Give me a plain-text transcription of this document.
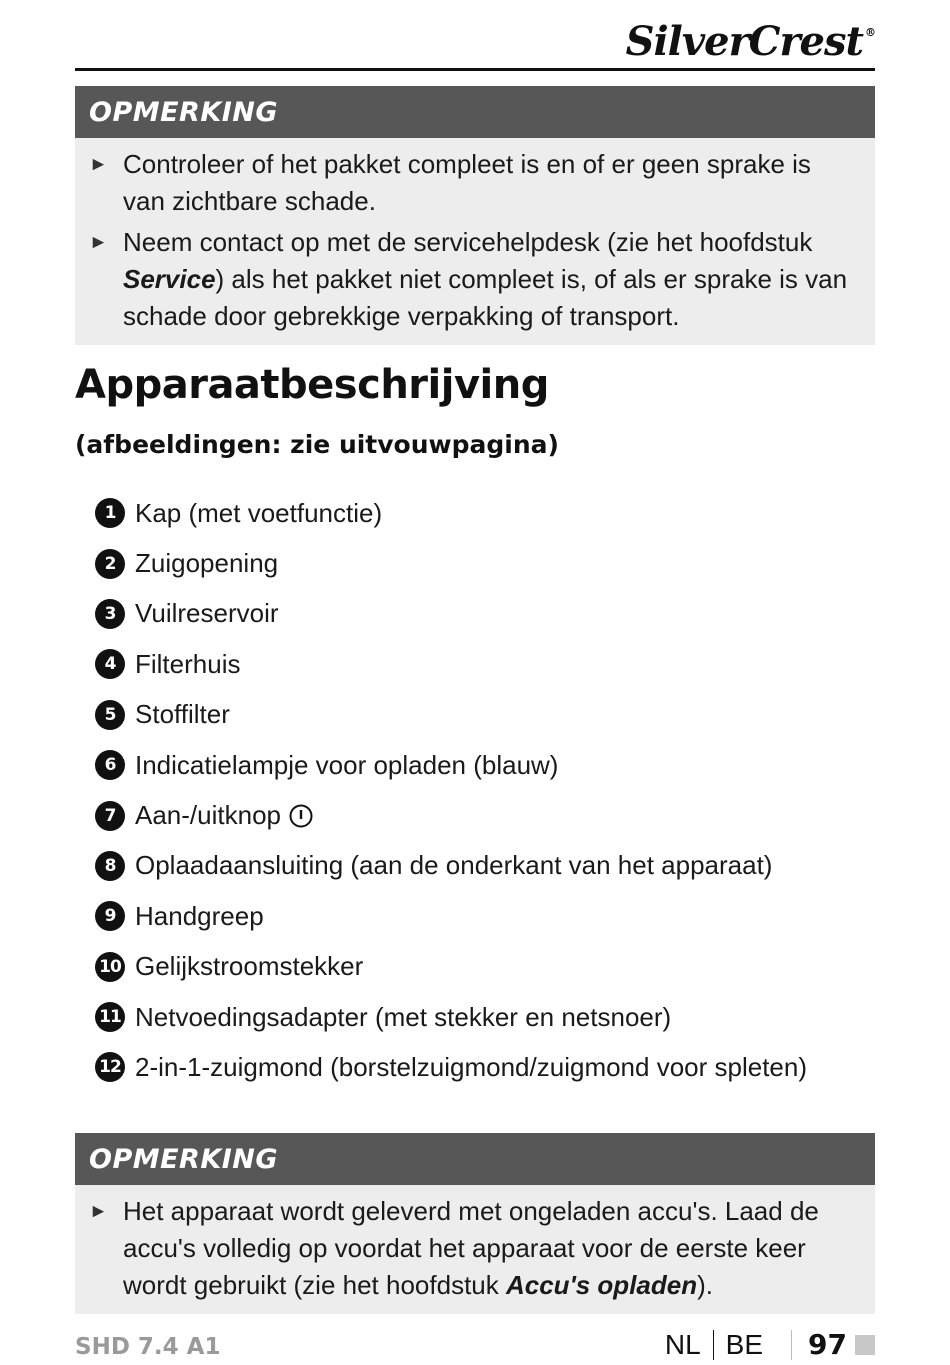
SilverCrest ®
OPMERKING
► Controleer of het pakket compleet is en of er geen sprake is van zichtbare schade.
► Neem contact op met de servicehelpdesk (zie het hoofdstuk Service) als het pakket niet compleet is, of als er sprake is van schade door gebrekkige verpakking of transport.
Apparaatbeschrijving
(afbeeldingen: zie uitvouwpagina)
1 Kap (met voetfunctie)
2 Zuigopening
3 Vuilreservoir
4 Filterhuis
5 Stoffilter
6 Indicatielampje voor opladen (blauw)
7 Aan-/uitknop
8 Oplaadaansluiting (aan de onderkant van het apparaat)
9 Handgreep
10 Gelijkstroomstekker
11 Netvoedingsadapter (met stekker en netsnoer)
12 2-in-1-zuigmond (borstelzuigmond/zuigmond voor spleten)
OPMERKING
► Het apparaat wordt geleverd met ongeladen accu's. Laad de accu's volledig op voordat het apparaat voor de eerste keer wordt gebruikt (zie het hoofdstuk Accu's opladen).
SHD 7.4 A1	NL BE 97
